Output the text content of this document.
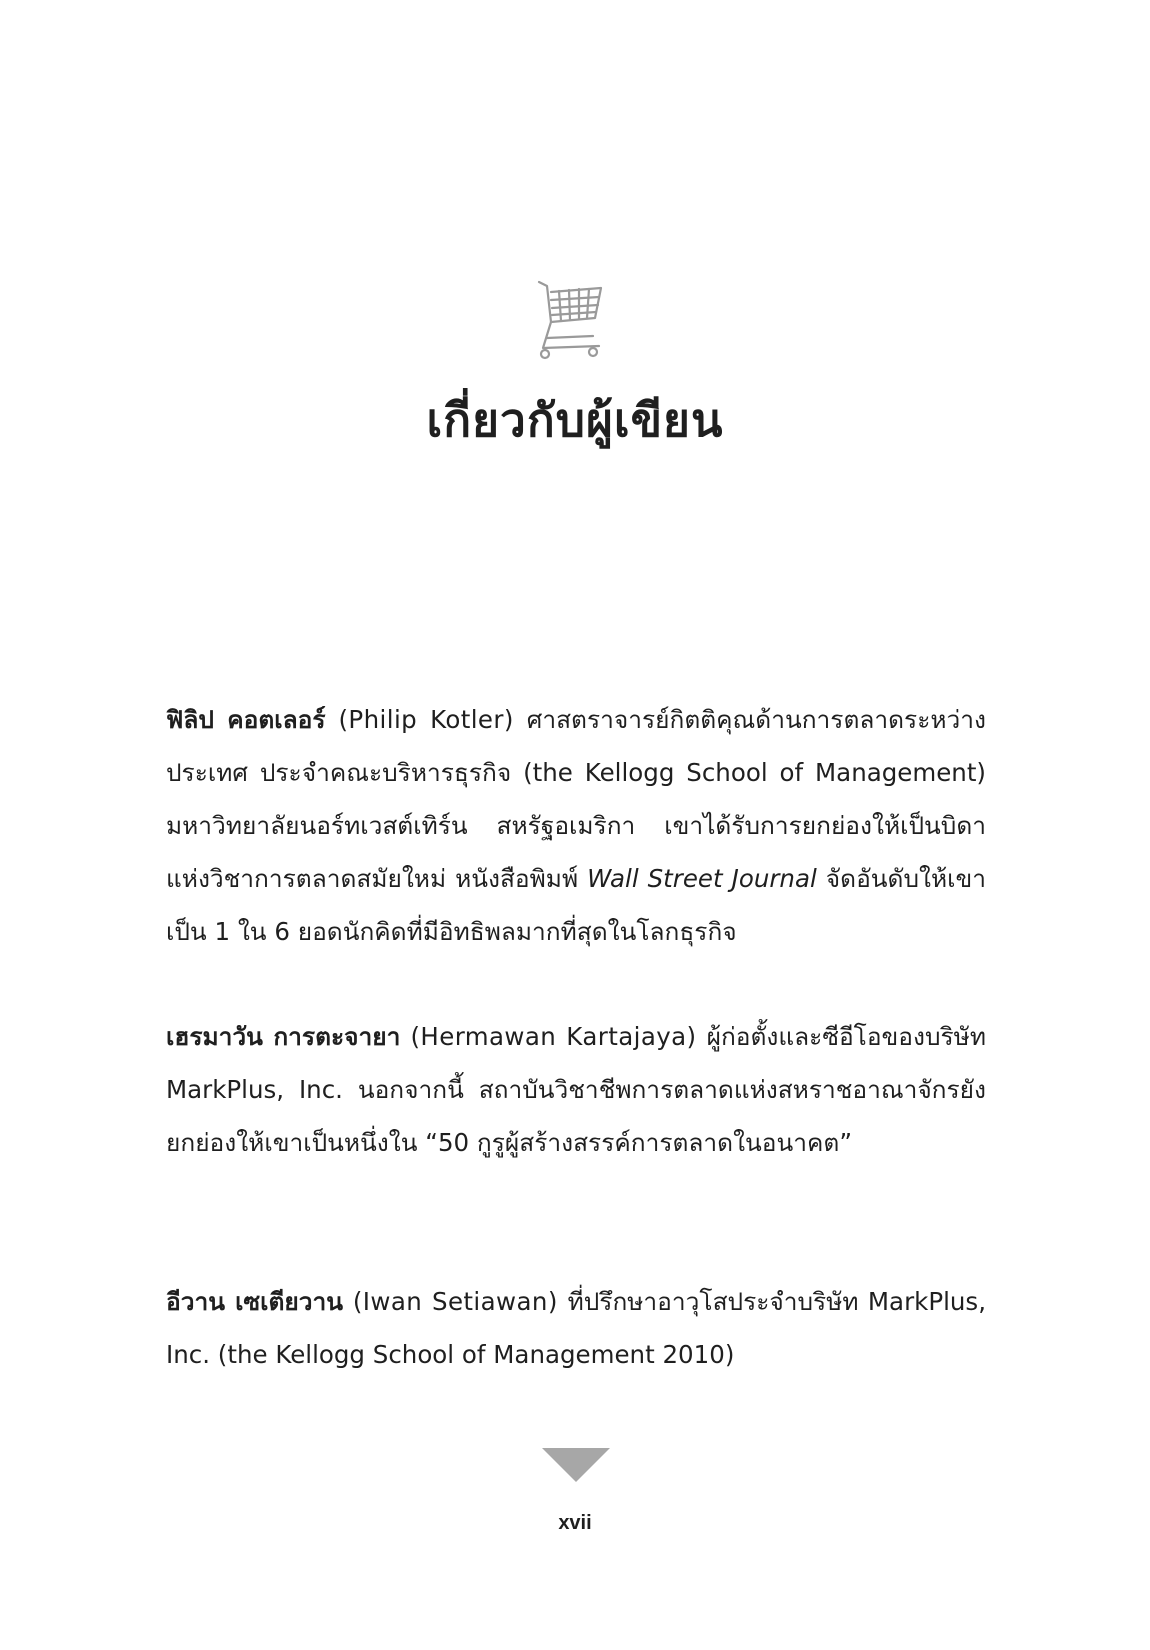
เกี่ยวกับผู้เขียน

ฟิลิป คอตเลอร์ (Philip Kotler) ศาสตราจารย์กิตติคุณด้านการตลาดระหว่างประเทศ ประจำคณะบริหารธุรกิจ (the Kellogg School of Management) มหาวิทยาลัยนอร์ทเวสต์เทิร์น สหรัฐอเมริกา เขาได้รับการยกย่องให้เป็นบิดาแห่งวิชาการตลาดสมัยใหม่ หนังสือพิมพ์ Wall Street Journal จัดอันดับให้เขาเป็น 1 ใน 6 ยอดนักคิดที่มีอิทธิพลมากที่สุดในโลกธุรกิจ

เฮรมาวัน การตะจายา (Hermawan Kartajaya) ผู้ก่อตั้งและซีอีโอของบริษัท MarkPlus, Inc. นอกจากนี้ สถาบันวิชาชีพการตลาดแห่งสหราชอาณาจักรยังยกย่องให้เขาเป็นหนึ่งใน “50 กูรูผู้สร้างสรรค์การตลาดในอนาคต”

อีวาน เซเตียวาน (Iwan Setiawan) ที่ปรึกษาอาวุโสประจำบริษัท MarkPlus, Inc. (the Kellogg School of Management 2010)

xvii
